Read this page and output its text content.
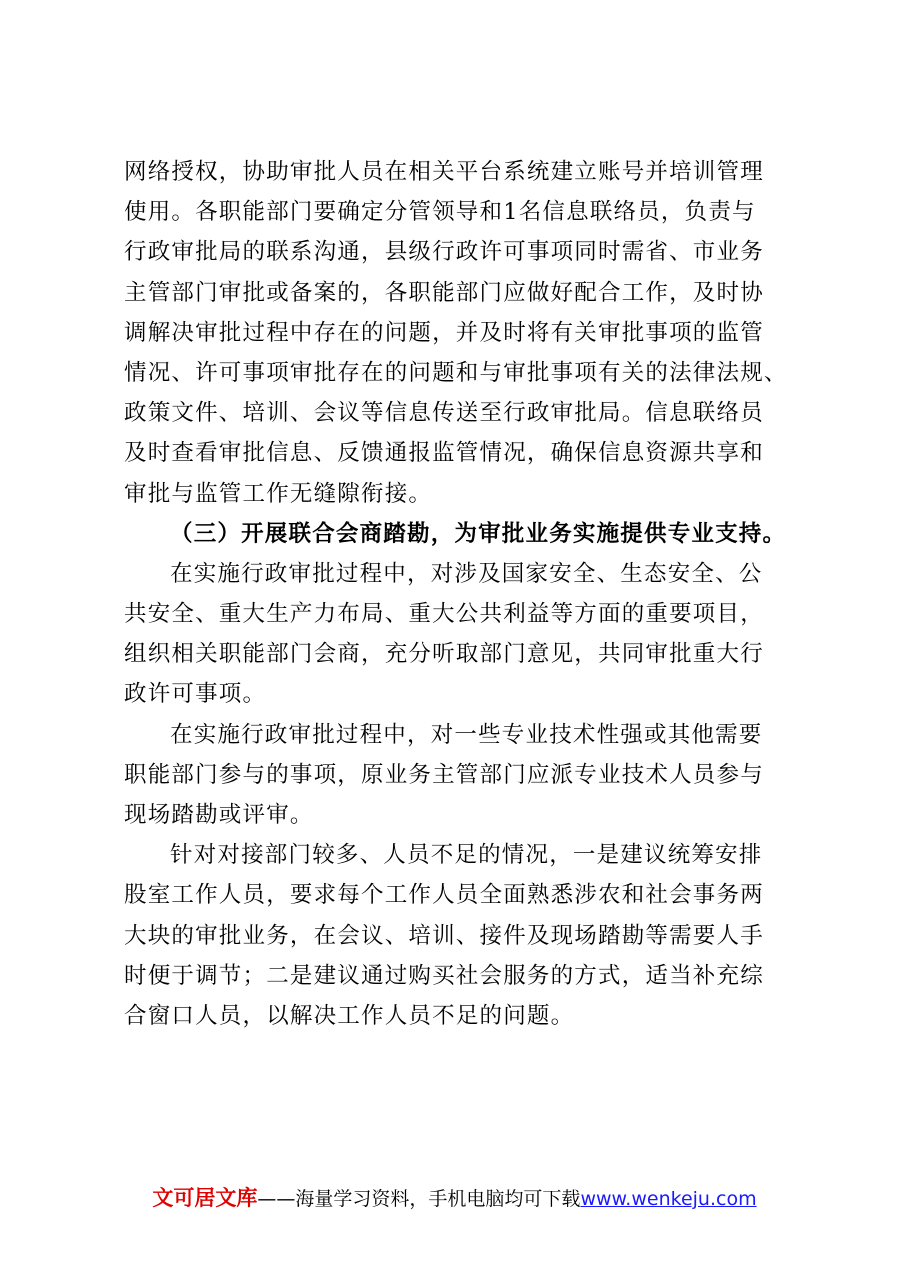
网络授权，协助审批人员在相关平台系统建立账号并培训管理
使用。各职能部门要确定分管领导和1名信息联络员，负责与
行政审批局的联系沟通，县级行政许可事项同时需省、市业务
主管部门审批或备案的，各职能部门应做好配合工作，及时协
调解决审批过程中存在的问题，并及时将有关审批事项的监管
情况、许可事项审批存在的问题和与审批事项有关的法律法规、
政策文件、培训、会议等信息传送至行政审批局。信息联络员
及时查看审批信息、反馈通报监管情况，确保信息资源共享和
审批与监管工作无缝隙衔接。
（三）开展联合会商踏勘，为审批业务实施提供专业支持。
在实施行政审批过程中，对涉及国家安全、生态安全、公
共安全、重大生产力布局、重大公共利益等方面的重要项目，
组织相关职能部门会商，充分听取部门意见，共同审批重大行
政许可事项。
在实施行政审批过程中，对一些专业技术性强或其他需要
职能部门参与的事项，原业务主管部门应派专业技术人员参与
现场踏勘或评审。
针对对接部门较多、人员不足的情况，一是建议统筹安排
股室工作人员，要求每个工作人员全面熟悉涉农和社会事务两
大块的审批业务，在会议、培训、接件及现场踏勘等需要人手
时便于调节；二是建议通过购买社会服务的方式，适当补充综
合窗口人员，以解决工作人员不足的问题。
文可居文库——海量学习资料，手机电脑均可下载www.wenkeju.com
